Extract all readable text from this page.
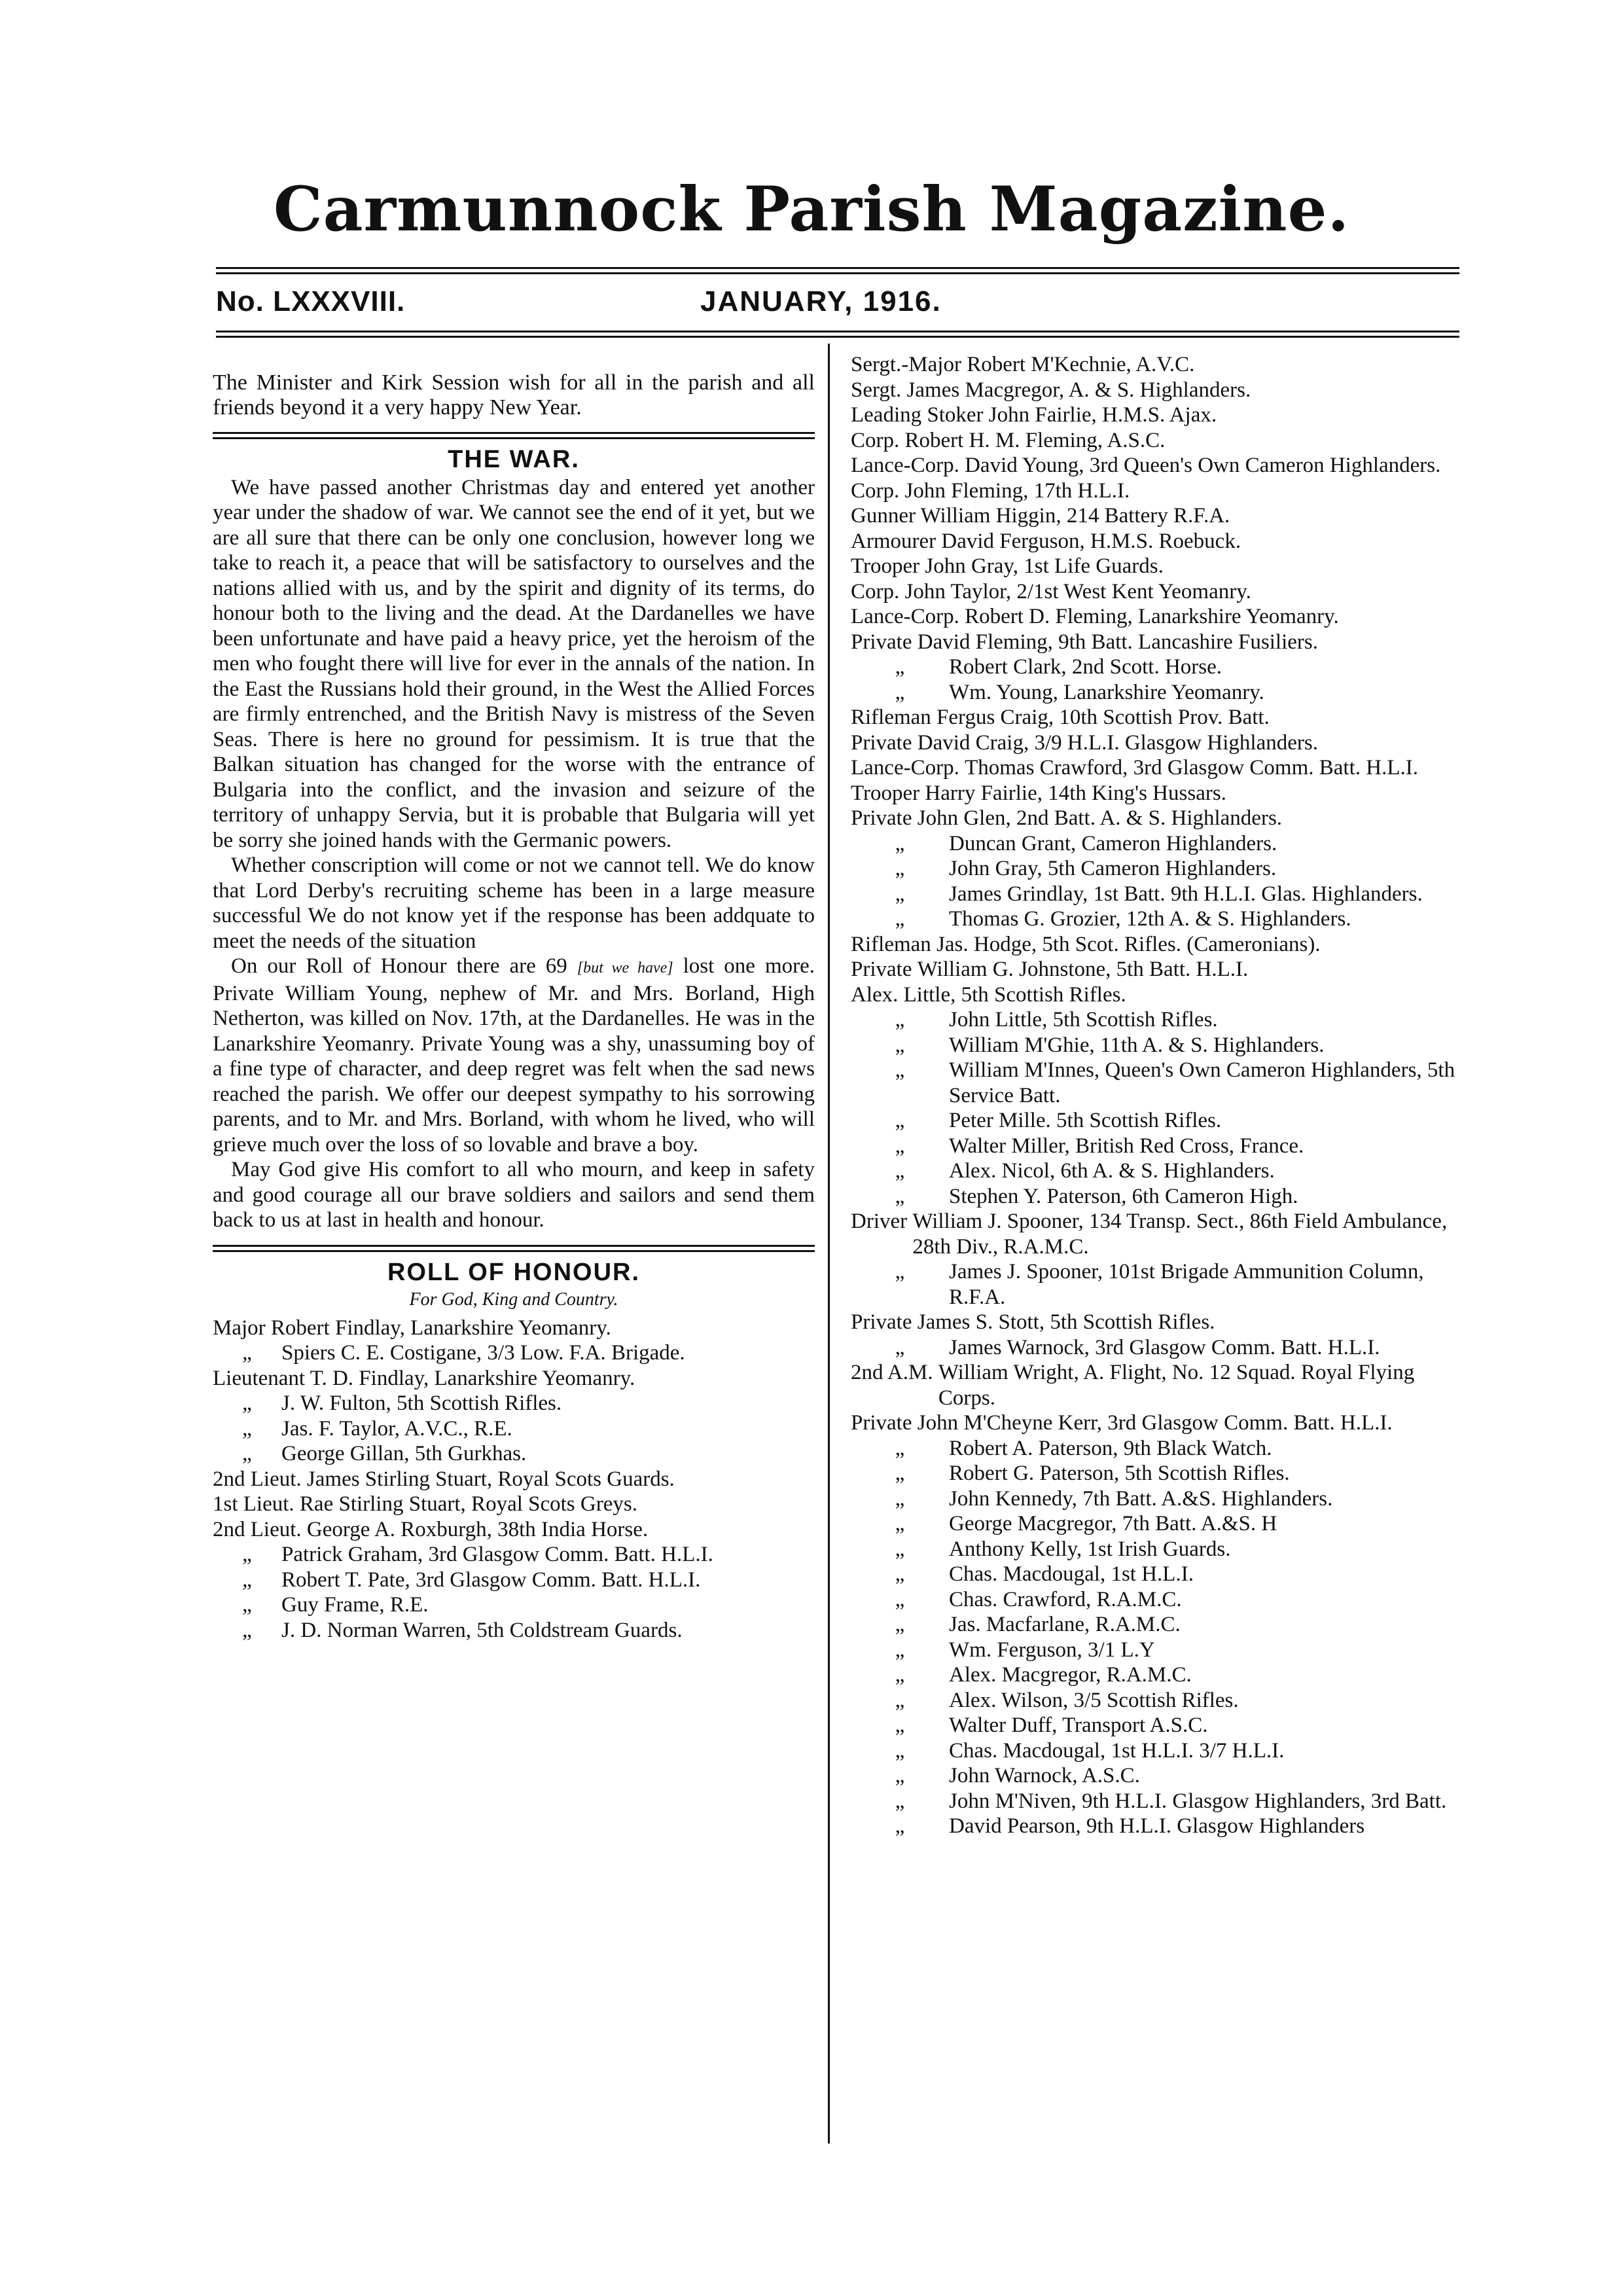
Carmunnock Parish Magazine.
No. LXXXVIII.	JANUARY, 1916.

The Minister and Kirk Session wish for all in the parish and all friends beyond it a very happy New Year.

THE WAR.

We have passed another Christmas day and entered yet another year under the shadow of war. We cannot see the end of it yet, but we are all sure that there can be only one conclusion, however long we take to reach it, a peace that will be satisfactory to ourselves and the nations allied with us, and by the spirit and dignity of its terms, do honour both to the living and the dead. At the Dardanelles we have been unfortunate and have paid a heavy price, yet the heroism of the men who fought there will live for ever in the annals of the nation. In the East the Russians hold their ground, in the West the Allied Forces are firmly entrenched, and the British Navy is mistress of the Seven Seas. There is here no ground for pessimism. It is true that the Balkan situation has changed for the worse with the entrance of Bulgaria into the conflict, and the invasion and seizure of the territory of unhappy Servia, but it is probable that Bulgaria will yet be sorry she joined hands with the Germanic powers.

Whether conscription will come or not we cannot tell. We do know that Lord Derby's recruiting scheme has been in a large measure successful We do not know yet if the response has been addquate to meet the needs of the situation

On our Roll of Honour there are 69 [but we have] lost one more. Private William Young, nephew of Mr. and Mrs. Borland, High Netherton, was killed on Nov. 17th, at the Dardanelles. He was in the Lanarkshire Yeomanry. Private Young was a shy, unassuming boy of a fine type of character, and deep regret was felt when the sad news reached the parish. We offer our deepest sympathy to his sorrowing parents, and to Mr. and Mrs. Borland, with whom he lived, who will grieve much over the loss of so lovable and brave a boy.

May God give His comfort to all who mourn, and keep in safety and good courage all our brave soldiers and sailors and send them back to us at last in health and honour.

ROLL OF HONOUR.
For God, King and Country.
Major Robert Findlay, Lanarkshire Yeomanry.
„	Spiers C. E. Costigane, 3/3 Low. F.A. Brigade.
Lieutenant T. D. Findlay, Lanarkshire Yeomanry.
„	J. W. Fulton, 5th Scottish Rifles.
„	Jas. F. Taylor, A.V.C., R.E.
„	George Gillan, 5th Gurkhas.
2nd Lieut. James Stirling Stuart, Royal Scots Guards.
1st Lieut. Rae Stirling Stuart, Royal Scots Greys.
2nd Lieut. George A. Roxburgh, 38th India Horse.
„	Patrick Graham, 3rd Glasgow Comm. Batt. H.L.I.
„	Robert T. Pate, 3rd Glasgow Comm. Batt. H.L.I.
„	Guy Frame, R.E.
„	J. D. Norman Warren, 5th Coldstream Guards.
Sergt.-Major Robert M'Kechnie, A.V.C.
Sergt. James Macgregor, A. & S. Highlanders.
Leading Stoker John Fairlie, H.M.S. Ajax.
Corp. Robert H. M. Fleming, A.S.C.
Lance-Corp. David Young, 3rd Queen's Own Cameron Highlanders.
Corp. John Fleming, 17th H.L.I.
Gunner William Higgin, 214 Battery R.F.A.
Armourer David Ferguson, H.M.S. Roebuck.
Trooper John Gray, 1st Life Guards.
Corp. John Taylor, 2/1st West Kent Yeomanry.
Lance-Corp. Robert D. Fleming, Lanarkshire Yeomanry.
Private David Fleming, 9th Batt. Lancashire Fusiliers.
„	Robert Clark, 2nd Scott. Horse.
„	Wm. Young, Lanarkshire Yeomanry.
Rifleman Fergus Craig, 10th Scottish Prov. Batt.
Private David Craig, 3/9 H.L.I. Glasgow Highlanders.
Lance-Corp. Thomas Crawford, 3rd Glasgow Comm. Batt. H.L.I.
Trooper Harry Fairlie, 14th King's Hussars.
Private John Glen, 2nd Batt. A. & S. Highlanders.
„	Duncan Grant, Cameron Highlanders.
„	John Gray, 5th Cameron Highlanders.
„	James Grindlay, 1st Batt. 9th H.L.I. Glas. Highlanders.
„	Thomas G. Grozier, 12th A. & S. Highlanders.
Rifleman Jas. Hodge, 5th Scot. Rifles. (Cameronians).
Private William G. Johnstone, 5th Batt. H.L.I.
Alex. Little, 5th Scottish Rifles.
„	John Little, 5th Scottish Rifles.
„	William M'Ghie, 11th A. & S. Highlanders.
„	William M'Innes, Queen's Own Cameron Highlanders, 5th Service Batt.
„	Peter Mille. 5th Scottish Rifles.
„	Walter Miller, British Red Cross, France.
„	Alex. Nicol, 6th A. & S. Highlanders.
„	Stephen Y. Paterson, 6th Cameron High.
Driver William J. Spooner, 134 Transp. Sect., 86th Field Ambulance, 28th Div., R.A.M.C.
„	James J. Spooner, 101st Brigade Ammunition Column, R.F.A.
Private James S. Stott, 5th Scottish Rifles.
„	James Warnock, 3rd Glasgow Comm. Batt. H.L.I.
2nd A.M. William Wright, A. Flight, No. 12 Squad. Royal Flying Corps.
Private John M'Cheyne Kerr, 3rd Glasgow Comm. Batt. H.L.I.
„	Robert A. Paterson, 9th Black Watch.
„	Robert G. Paterson, 5th Scottish Rifles.
„	John Kennedy, 7th Batt. A.&S. Highlanders.
„	George Macgregor, 7th Batt. A.&S. H
„	Anthony Kelly, 1st Irish Guards.
„	Chas. Macdougal, 1st H.L.I.
„	Chas. Crawford, R.A.M.C.
„	Jas. Macfarlane, R.A.M.C.
„	Wm. Ferguson, 3/1 L.Y
„	Alex. Macgregor, R.A.M.C.
„	Alex. Wilson, 3/5 Scottish Rifles.
„	Walter Duff, Transport A.S.C.
„	Chas. Macdougal, 1st H.L.I. 3/7 H.L.I.
„	John Warnock, A.S.C.
„	John M'Niven, 9th H.L.I. Glasgow Highlanders, 3rd Batt.
„	David Pearson, 9th H.L.I. Glasgow Highlanders
